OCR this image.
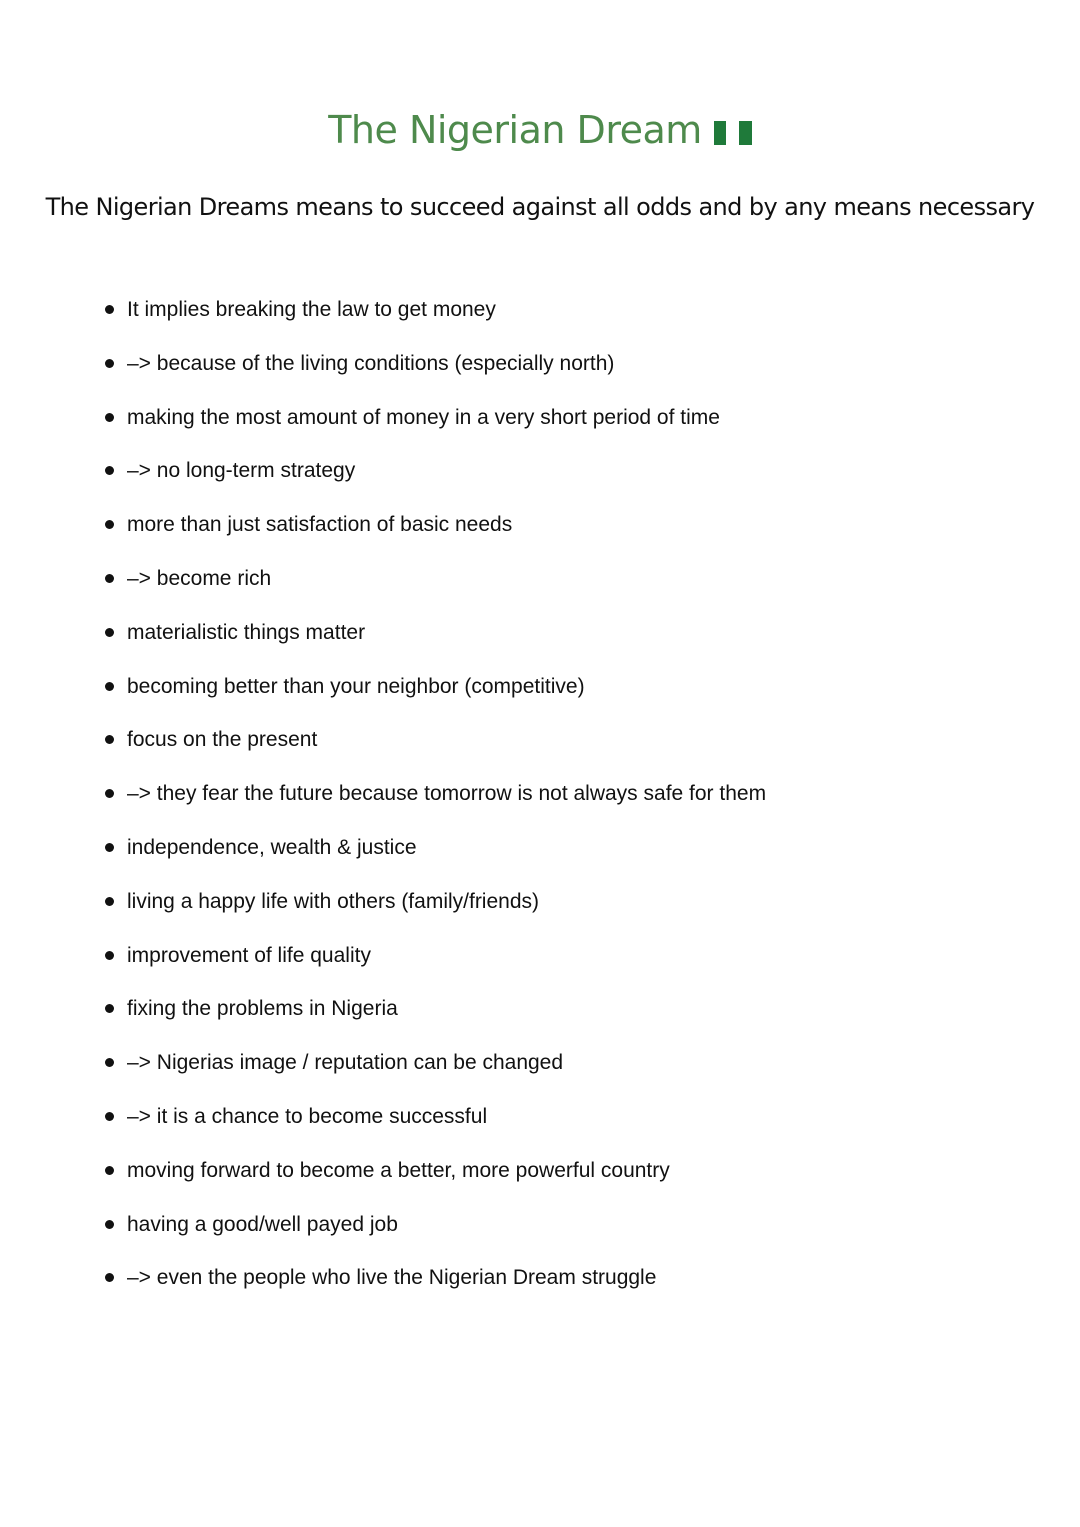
The Nigerian Dream

The Nigerian Dreams means to succeed against all odds and by any means necessary

It implies breaking the law to get money
–> because of the living conditions (especially north)
making the most amount of money in a very short period of time
–> no long-term strategy
more than just satisfaction of basic needs
–> become rich
materialistic things matter
becoming better than your neighbor (competitive)
focus on the present
–> they fear the future because tomorrow is not always safe for them
independence, wealth & justice
living a happy life with others (family/friends)
improvement of life quality
fixing the problems in Nigeria
–> Nigerias image / reputation can be changed
–> it is a chance to become successful
moving forward to become a better, more powerful country
having a good/well payed job
–> even the people who live the Nigerian Dream struggle
